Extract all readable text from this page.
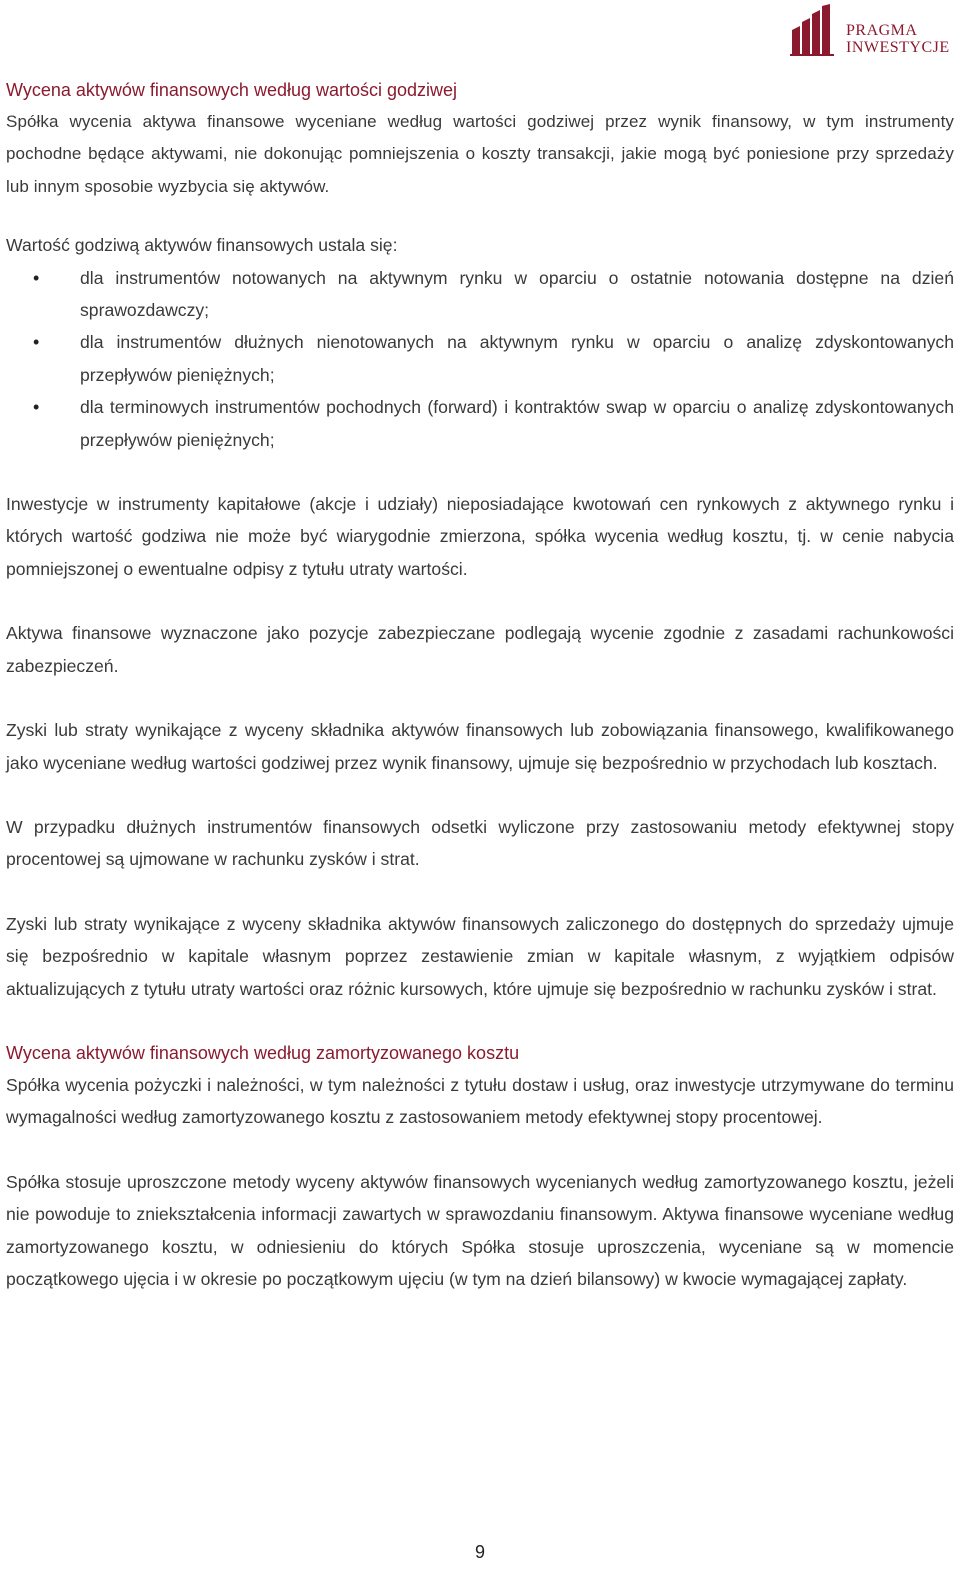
PRAGMA
INWESTYCJE
Wycena aktywów finansowych według wartości godziwej

Spółka wycenia aktywa finansowe wyceniane według wartości godziwej przez wynik finansowy, w tym instrumenty pochodne będące aktywami, nie dokonując pomniejszenia o koszty transakcji, jakie mogą być poniesione przy sprzedaży lub innym sposobie wyzbycia się aktywów.

Wartość godziwą aktywów finansowych ustala się:

• dla instrumentów notowanych na aktywnym rynku w oparciu o ostatnie notowania dostępne na dzień sprawozdawczy;
• dla instrumentów dłużnych nienotowanych na aktywnym rynku w oparciu o analizę zdyskontowanych przepływów pieniężnych;
• dla terminowych instrumentów pochodnych (forward) i kontraktów swap w oparciu o analizę zdyskontowanych przepływów pieniężnych;

Inwestycje w instrumenty kapitałowe (akcje i udziały) nieposiadające kwotowań cen rynkowych z aktywnego rynku i których wartość godziwa nie może być wiarygodnie zmierzona, spółka wycenia według kosztu, tj. w cenie nabycia pomniejszonej o ewentualne odpisy z tytułu utraty wartości.

Aktywa finansowe wyznaczone jako pozycje zabezpieczane podlegają wycenie zgodnie z zasadami rachunkowości zabezpieczeń.

Zyski lub straty wynikające z wyceny składnika aktywów finansowych lub zobowiązania finansowego, kwalifikowanego jako wyceniane według wartości godziwej przez wynik finansowy, ujmuje się bezpośrednio w przychodach lub kosztach.

W przypadku dłużnych instrumentów finansowych odsetki wyliczone przy zastosowaniu metody efektywnej stopy procentowej są ujmowane w rachunku zysków i strat.

Zyski lub straty wynikające z wyceny składnika aktywów finansowych zaliczonego do dostępnych do sprzedaży ujmuje się bezpośrednio w kapitale własnym poprzez zestawienie zmian w kapitale własnym, z wyjątkiem odpisów aktualizujących z tytułu utraty wartości oraz różnic kursowych, które ujmuje się bezpośrednio w rachunku zysków i strat.

Wycena aktywów finansowych według zamortyzowanego kosztu

Spółka wycenia pożyczki i należności, w tym należności z tytułu dostaw i usług, oraz inwestycje utrzymywane do terminu wymagalności według zamortyzowanego kosztu z zastosowaniem metody efektywnej stopy procentowej.

Spółka stosuje uproszczone metody wyceny aktywów finansowych wycenianych według zamortyzowanego kosztu, jeżeli nie powoduje to zniekształcenia informacji zawartych w sprawozdaniu finansowym. Aktywa finansowe wyceniane według zamortyzowanego kosztu, w odniesieniu do których Spółka stosuje uproszczenia, wyceniane są w momencie początkowego ujęcia i w okresie po początkowym ujęciu (w tym na dzień bilansowy) w kwocie wymagającej zapłaty.

9
